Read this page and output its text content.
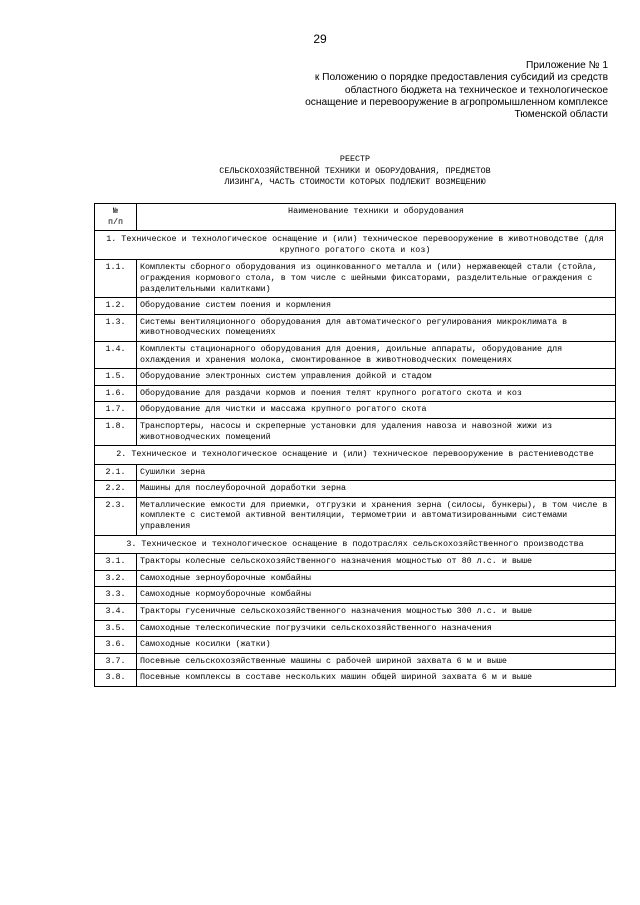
29
Приложение № 1
к Положению о порядке предоставления субсидий из средств
областного бюджета на техническое и технологическое
оснащение и перевооружение в агропромышленном комплексе
Тюменской области
РЕЕСТР
СЕЛЬСКОХОЗЯЙСТВЕННОЙ ТЕХНИКИ И ОБОРУДОВАНИЯ, ПРЕДМЕТОВ
ЛИЗИНГА, ЧАСТЬ СТОИМОСТИ КОТОРЫХ ПОДЛЕЖИТ ВОЗМЕЩЕНИЮ
№
п/п	Наименование техники и оборудования
1. Техническое и технологическое оснащение и (или) техническое перевооружение в животноводстве (для крупного рогатого скота и коз)	
1.1.	Комплекты сборного оборудования из оцинкованного металла и (или) нержавеющей стали (стойла, ограждения кормового стола, в том числе с шейными фиксаторами, разделительные ограждения с разделительными калитками)
1.2.	Оборудование систем поения и кормления
1.3.	Системы вентиляционного оборудования для автоматического регулирования микроклимата в животноводческих помещениях
1.4.	Комплекты стационарного оборудования для доения, доильные аппараты, оборудование для охлаждения и хранения молока, смонтированное в животноводческих помещениях
1.5.	Оборудование электронных систем управления дойкой и стадом
1.6.	Оборудование для раздачи кормов и поения телят крупного рогатого скота и коз
1.7.	Оборудование для чистки и массажа крупного рогатого скота
1.8.	Транспортеры, насосы и скреперные установки для удаления навоза и навозной жижи из животноводческих помещений
2. Техническое и технологическое оснащение и (или) техническое перевооружение в растениеводстве	
2.1.	Сушилки зерна
2.2.	Машины для послеуборочной доработки зерна
2.3.	Металлические емкости для приемки, отгрузки и хранения зерна (силосы, бункеры), в том числе в комплекте с системой активной вентиляции, термометрии и автоматизированными системами управления
3. Техническое и технологическое оснащение в подотраслях сельскохозяйственного производства	
3.1.	Тракторы колесные сельскохозяйственного назначения мощностью от 80 л.с. и выше
3.2.	Самоходные зерноуборочные комбайны
3.3.	Самоходные кормоуборочные комбайны
3.4.	Тракторы гусеничные сельскохозяйственного назначения мощностью 300 л.с. и выше
3.5.	Самоходные телескопические погрузчики сельскохозяйственного назначения
3.6.	Самоходные косилки (жатки)
3.7.	Посевные сельскохозяйственные машины с рабочей шириной захвата 6 м и выше
3.8.	Посевные комплексы в составе нескольких машин общей шириной захвата 6 м и выше
